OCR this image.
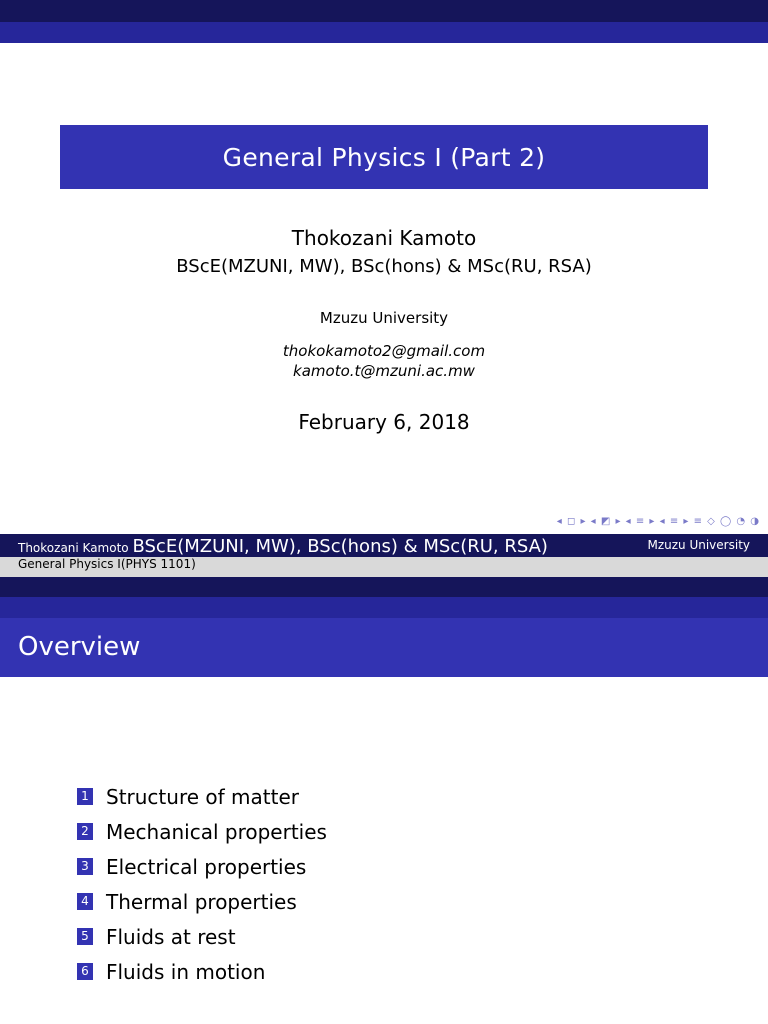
General Physics I (Part 2)
Thokozani Kamoto
BScE(MZUNI, MW), BSc(hons) & MSc(RU, RSA)
Mzuzu University
thokokamoto2@gmail.com
kamoto.t@mzuni.ac.mw
February 6, 2018
◂ ◻ ▸ ◂ ◩ ▸ ◂ ≡ ▸ ◂ ≡ ▸ ≡ ◇ ◯ ◔ ◑
Thokozani Kamoto BScE(MZUNI, MW), BSc(hons) & MSc(RU, RSA)	Mzuzu University
General Physics I(PHYS 1101)
Overview
1 Structure of matter
2 Mechanical properties
3 Electrical properties
4 Thermal properties
5 Fluids at rest
6 Fluids in motion
